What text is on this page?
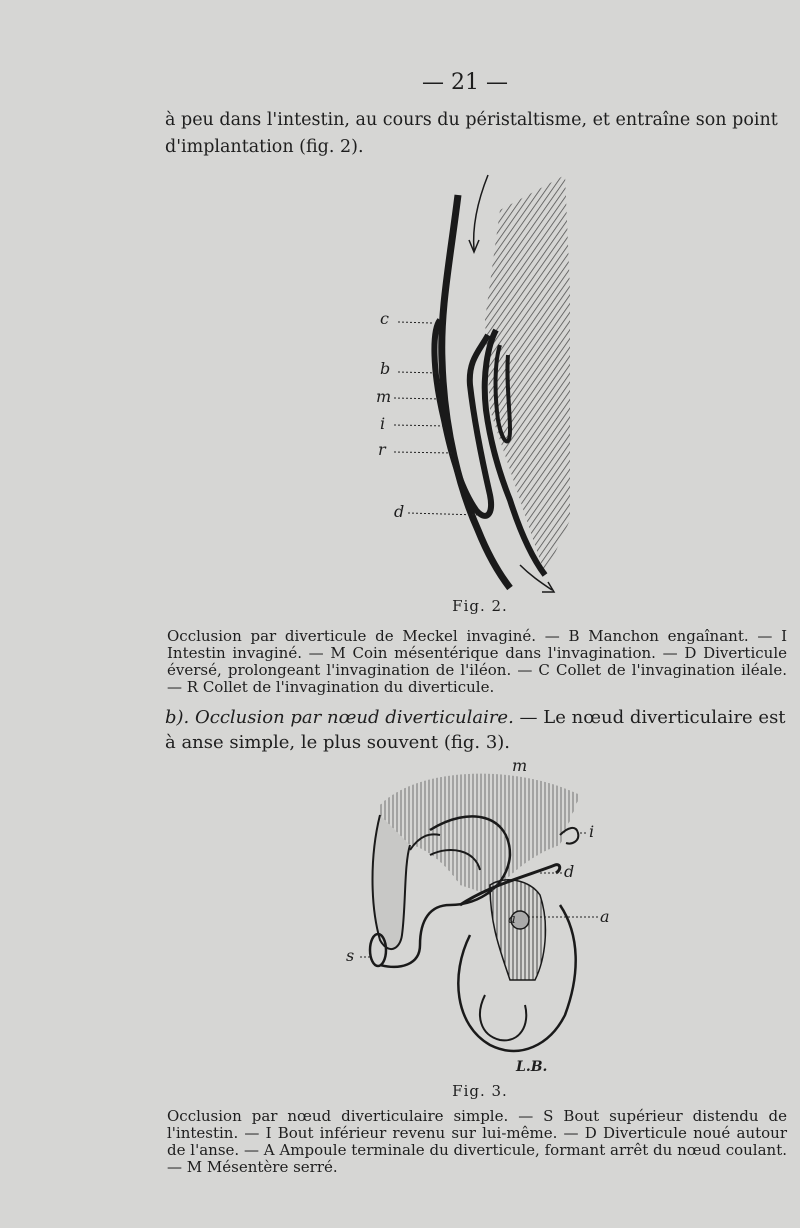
— 21 —
à peu dans l'intestin, au cours du péristaltisme, et entraîne son point d'implantation (fig. 2).
c
b
m
i
r
d
Fig. 2.

Occlusion par diverticule de Meckel invaginé. — B Manchon engaînant. — I Intestin invaginé. — M Coin mésentérique dans l'invagination. — D Diverticule éversé, prolongeant l'invagination de l'iléon. — C Collet de l'invagination iléale. — R Collet de l'invagination du diverticule.

b). Occlusion par nœud diverticulaire. — Le nœud diverticulaire est à anse simple, le plus souvent (fig. 3).
m
i
d
a	a
s
L.B.
Fig. 3.

Occlusion par nœud diverticulaire simple. — S Bout supérieur distendu de l'intestin. — I Bout inférieur revenu sur lui-même. — D Diverticule noué autour de l'anse. — A Ampoule terminale du diverticule, formant arrêt du nœud coulant. — M Mésentère serré.
